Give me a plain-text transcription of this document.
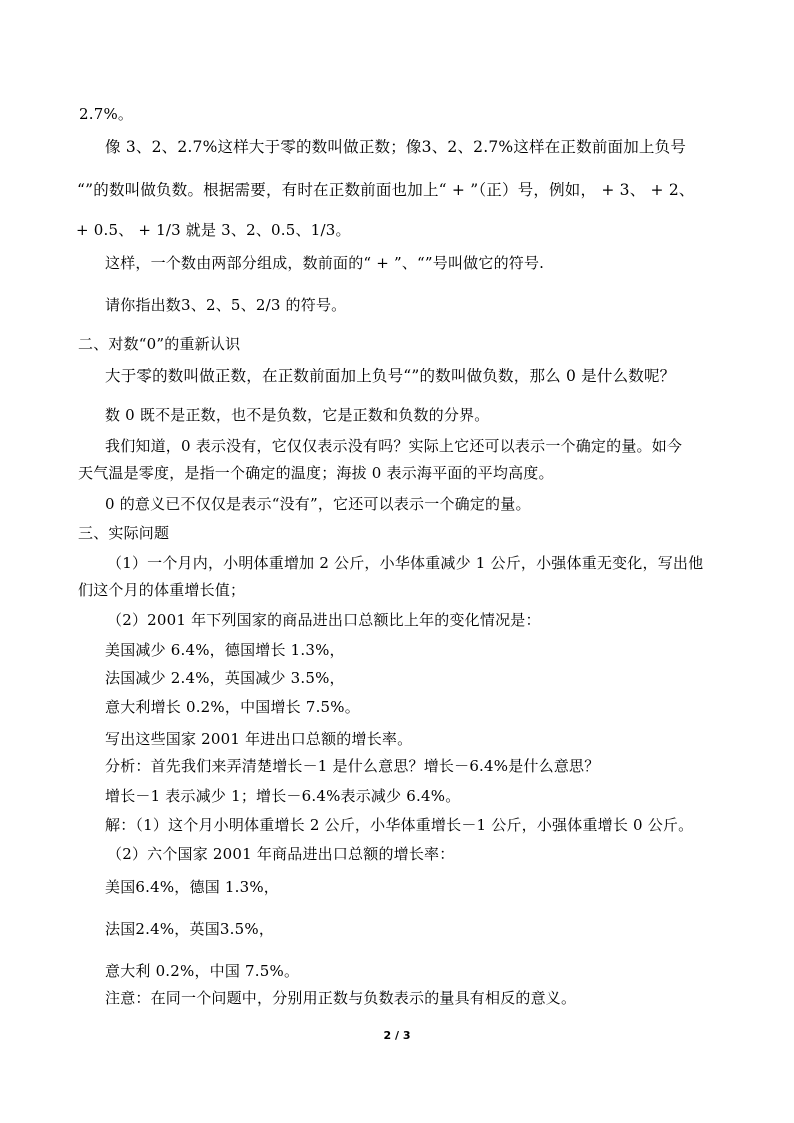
2.7%。
像 3、2、2.7%这样大于零的数叫做正数；像3、2、2.7%这样在正数前面加上负号
“”的数叫做负数。根据需要，有时在正数前面也加上“ + ”（正）号，例如， + 3、 + 2、
+ 0.5、 + 1/3 就是 3、2、0.5、1/3。
这样，一个数由两部分组成，数前面的“ + ”、“”号叫做它的符号.
请你指出数3、2、5、2/3 的符号。
二、对数“0”的重新认识
大于零的数叫做正数，在正数前面加上负号“”的数叫做负数，那么 0 是什么数呢？
数 0 既不是正数，也不是负数，它是正数和负数的分界。
我们知道，0 表示没有，它仅仅表示没有吗？实际上它还可以表示一个确定的量。如今
天气温是零度，是指一个确定的温度；海拔 0 表示海平面的平均高度。
0 的意义已不仅仅是表示“没有”，它还可以表示一个确定的量。
三、实际问题
（1）一个月内，小明体重增加 2 公斤，小华体重减少 1 公斤，小强体重无变化，写出他
们这个月的体重增长值；
（2）2001 年下列国家的商品进出口总额比上年的变化情况是：
美国减少 6.4%，德国增长 1.3%，
法国减少 2.4%，英国减少 3.5%，
意大利增长 0.2%，中国增长 7.5%。
写出这些国家 2001 年进出口总额的增长率。
分析：首先我们来弄清楚增长－1 是什么意思？增长－6.4%是什么意思？
增长－1 表示减少 1；增长－6.4%表示减少 6.4%。
解：（1）这个月小明体重增长 2 公斤，小华体重增长－1 公斤，小强体重增长 0 公斤。
（2）六个国家 2001 年商品进出口总额的增长率：
美国6.4%，德国 1.3%，
法国2.4%，英国3.5%，
意大利 0.2%，中国 7.5%。
注意：在同一个问题中，分别用正数与负数表示的量具有相反的意义。
2 / 3
